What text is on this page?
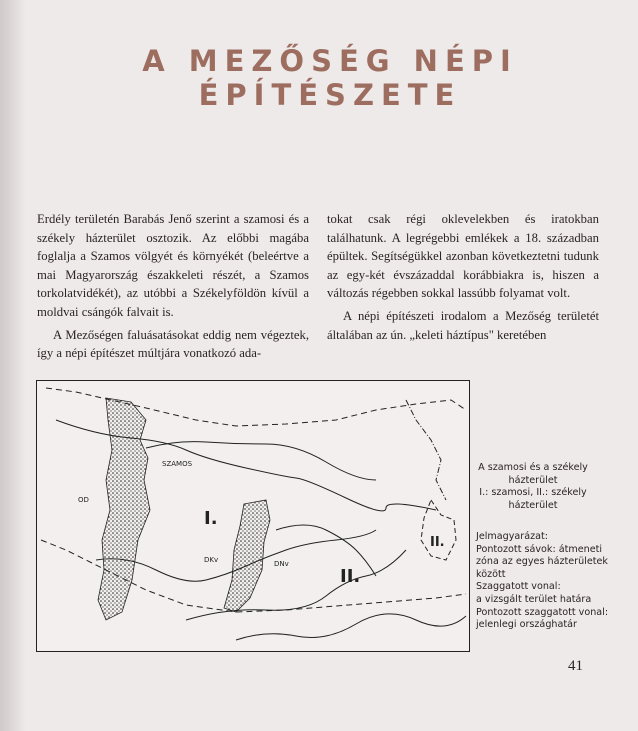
A MEZŐSÉG NÉPI ÉPÍTÉSZETE

Erdély területén Barabás Jenő szerint a szamosi és a székely házterület osztozik. Az előbbi magába foglalja a Szamos völgyét és környékét (beleértve a mai Magyarország északkeleti részét, a Szamos torkolatvidékét), az utóbbi a Székelyföldön kívül a moldvai csángók falvait is.

A Mezőségen faluásatásokat eddig nem végeztek, így a népi építészet múltjára vonatkozó ada-

tokat csak régi oklevelekben és iratokban találhatunk. A legrégebbi emlékek a 18. században épültek. Segítségükkel azonban következtetni tudunk az egy-két évszázaddal korábbiakra is, hiszen a változás régebben sokkal lassúbb folyamat volt.

A népi építészeti irodalom a Mezőség területét általában az ún. „keleti háztípus" keretében

SZAMOS
OD
I.
DKv	DNv
II.
II.
A szamosi és a székely
házterület
I.: szamosi, II.: székely
házterület
Jelmagyarázat:
Pontozott sávok: átmeneti
zóna az egyes házterületek
között
Szaggatott vonal:
a vizsgált terület határa
Pontozott szaggatott vonal:
jelenlegi országhatár
41
